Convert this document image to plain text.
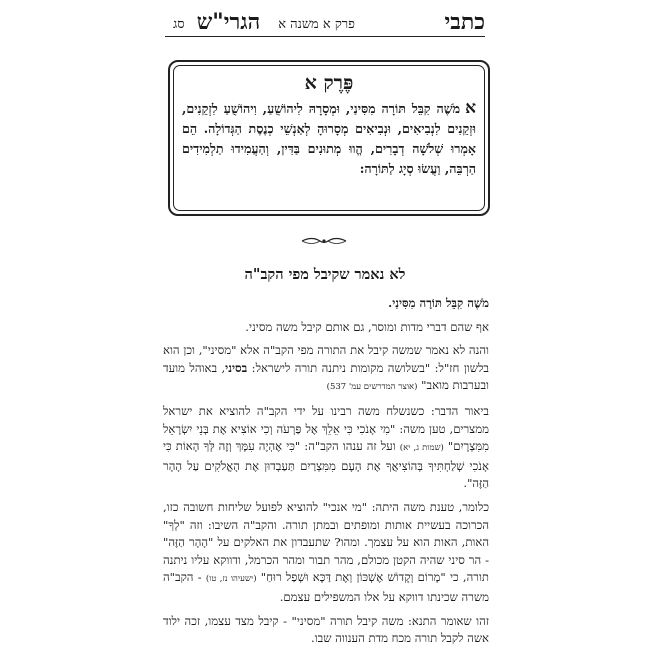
כתבי
פרק א משנה א
הגרי"ש
סג
פֶּרֶק א
אמֹשֶׁה קִבֵּל תּוֹרָה מִסִּינַי, וּמְסָרָהּ לִיהוֹשֻׁעַ, וִיהוֹשֻׁעַ לִזְקֵנִים, וּזְקֵנִים לִנְבִיאִים, וּנְבִיאִים מְסָרוּהָ לְאַנְשֵׁי כְנֶסֶת הַגְּדוֹלָה. הֵם אָמְרוּ שְׁלֹשָׁה דְבָרִים, הֱווּ מְתוּנִים בַּדִּין, וְהַעֲמִידוּ תַלְמִידִים הַרְבֵּה, וַעֲשׂוּ סְיָג לַתּוֹרָה:
לא נאמר שקיבל מפי הקב"ה

מֹשֶׁה קִבֵּל תּוֹרָה מִסִּינַי.

אף שהם דברי מדות ומוסר, גם אותם קיבל משה מסיני.

והנה לא נאמר שמשה קיבל את התורה מפי הקב"ה אלא "מסיני", וכן הוא בלשון חז"ל: "בשלושה מקומות ניתנה תורה לישראל: בסיני, באוהל מועד ובערבות מואב" (אוצר המדרשים עמ' 537)

ביאור הדבר: כשנשלח משה רבינו על ידי הקב"ה להוציא את ישראל ממצרים, טען משה: "מִי אָנֹכִי כִּי אֵלֵךְ אֶל פַּרְעֹה וְכִי אוֹצִיא אֶת בְּנֵי יִשְׂרָאֵל מִמִּצְרָיִם" (שמות ג, יא) ועל זה ענהו הקב"ה: "כִּי אֶהְיֶה עִמָּךְ וְזֶה לְּךָ הָאוֹת כִּי אָנֹכִי שְׁלַחְתִּיךָ בְּהוֹצִיאֲךָ אֶת הָעָם מִמִּצְרַיִם תַּעַבְדוּן אֶת הָאֱלֹקִים עַל הָהָר הַזֶּה".

כלומר, טענת משה היתה: "מי אנכי" להוציא לפועל שליחות חשובה כזו, הכרוכה בעשיית אותות ומופתים ובמתן תורה. והקב"ה השיבו: וזה "לְךָ" האות, האות הוא על עצמך. ומהו? שתעבדון את האלקים על "הָהָר הַזֶּה" - הר סיני שהיה הקטן מכולם, מהר תבור ומהר הכרמל, ודווקא עליו ניתנה תורה, כי "מָרוֹם וְקָדוֹשׁ אֶשְׁכּוֹן וְאֶת דַּכָּא וּשְׁפַל רוּחַ" (ישעיהו נז, טו) - הקב"ה משרה שכינתו דווקא על אלו המשפילים עצמם.

זהו שאומר התנא: משה קיבל תורה "מסיני" - קיבל מצד עצמו, זכה ילוד אשה לקבל תורה מכח מדת הענווה שבו.
